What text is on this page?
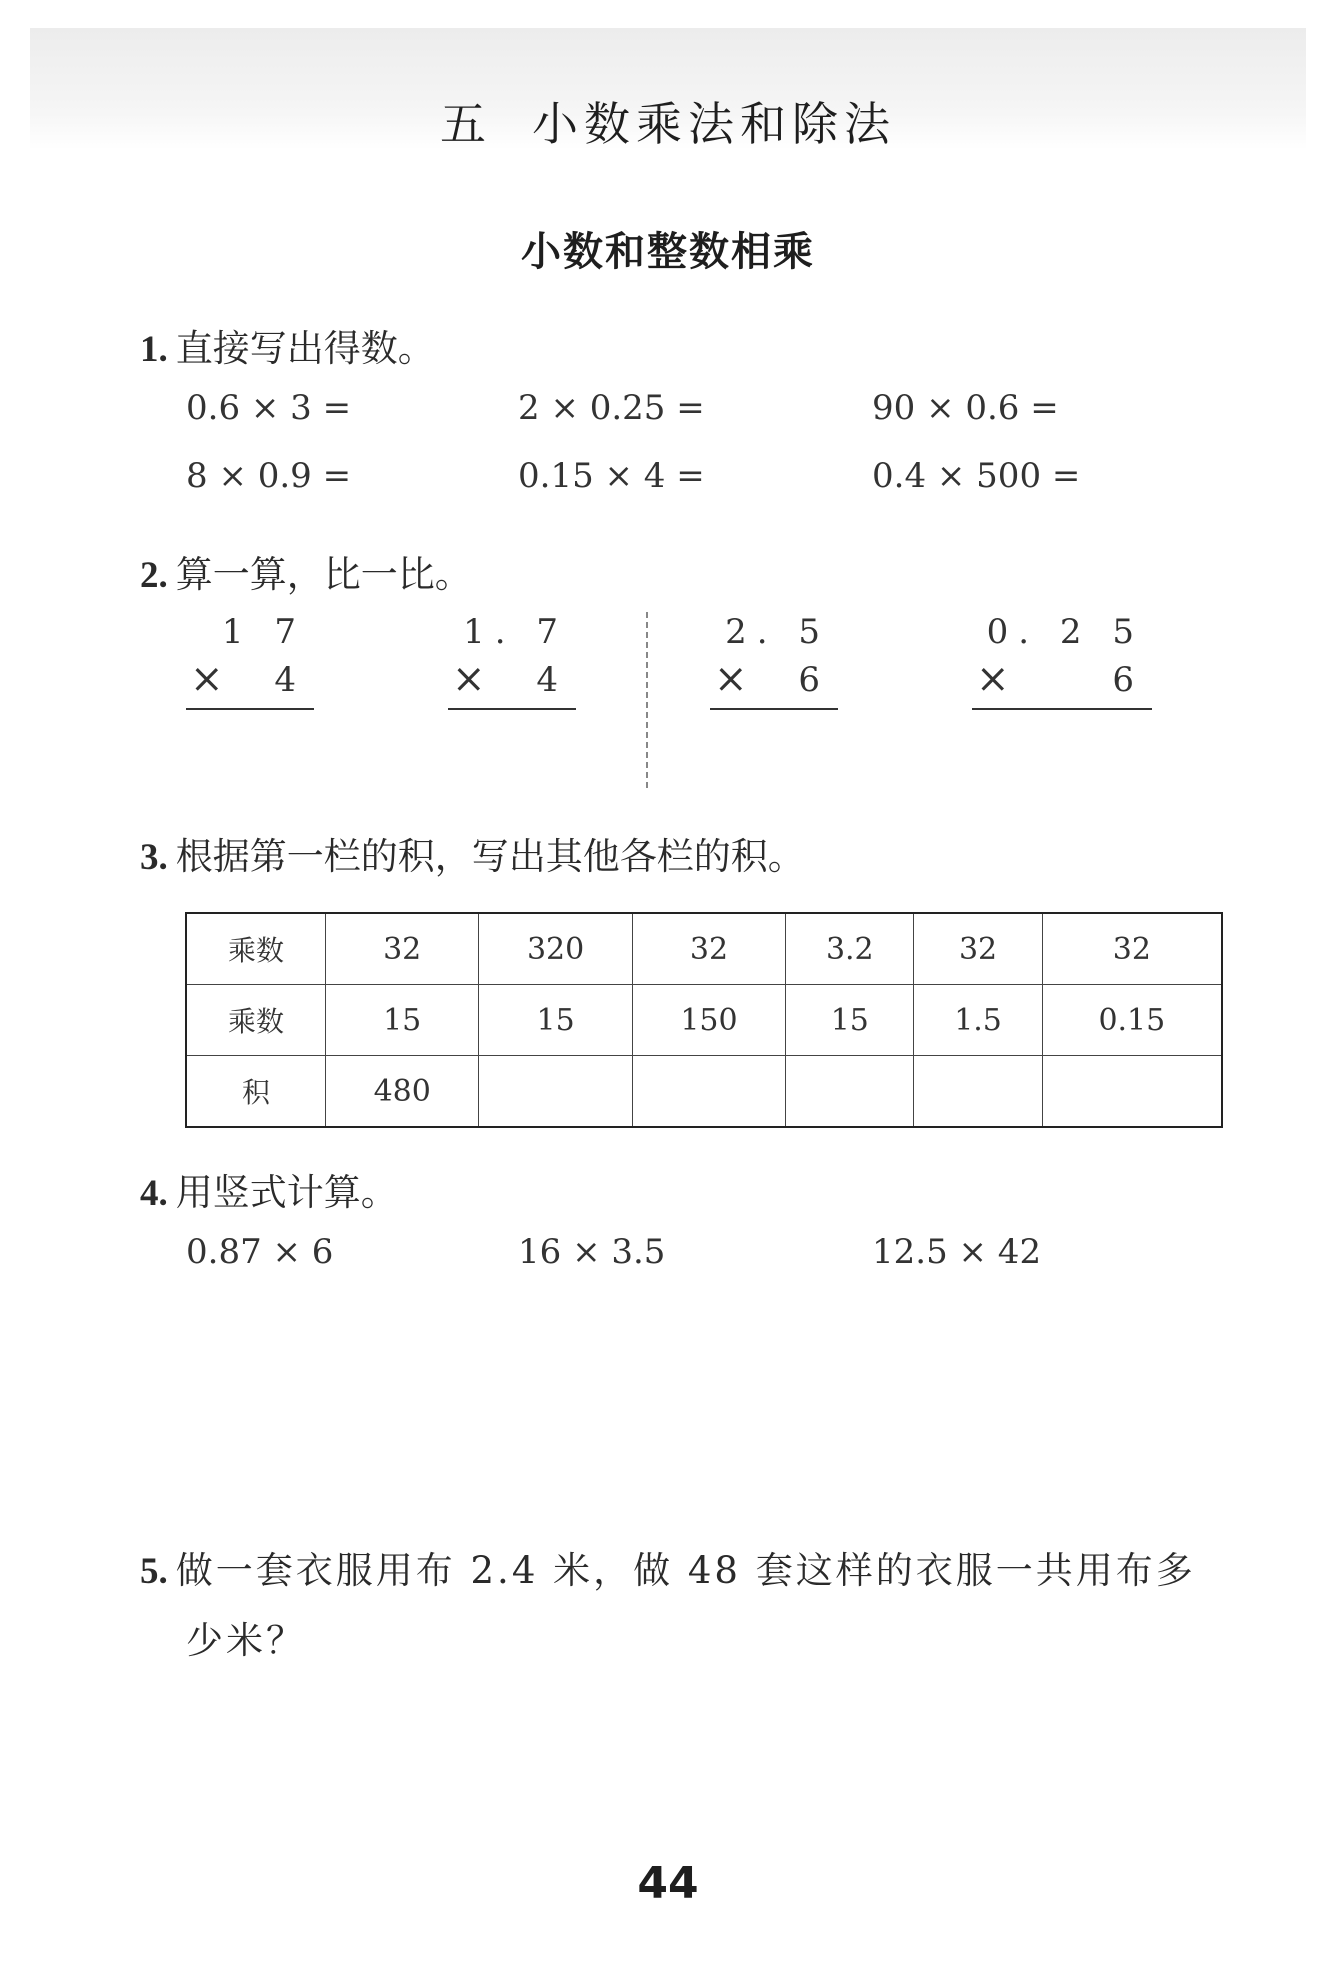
五 小数乘法和除法
小数和整数相乘
1. 直接写出得数。
0.6 × 3 =	2 × 0.25 =	90 × 0.6 =
8 × 0.9 =	0.15 × 4 =	0.4 × 500 =
2. 算一算，比一比。
1 7
× 4
1. 7
× 4
2. 5
× 6
0. 2 5
×	6
3. 根据第一栏的积，写出其他各栏的积。
乘数	32	320	32	3.2	32	32
乘数	15	15	150	15	1.5	0.15
积	480					
4. 用竖式计算。
0.87 × 6	16 × 3.5	12.5 × 42
5. 做一套衣服用布 2.4 米，做 48 套这样的衣服一共用布多
少米？
44
